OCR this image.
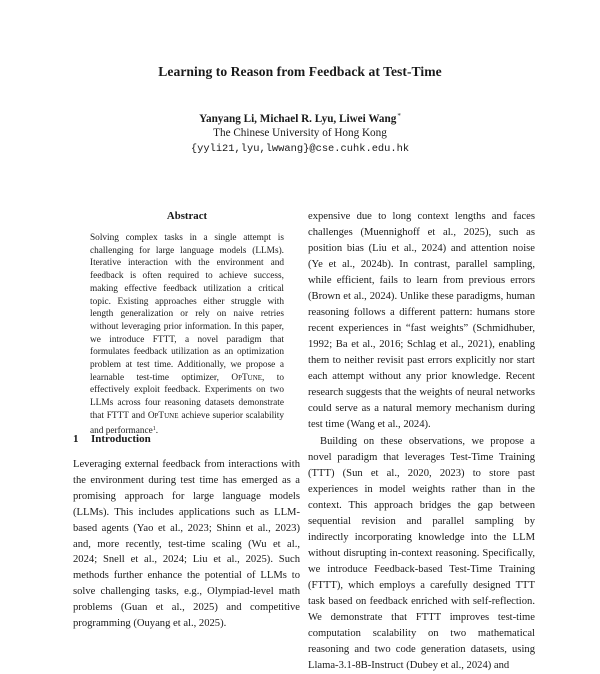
Learning to Reason from Feedback at Test-Time
Yanyang Li, Michael R. Lyu, Liwei Wang*
The Chinese University of Hong Kong
{yyli21,lyu,lwwang}@cse.cuhk.edu.hk
Abstract
Solving complex tasks in a single attempt is challenging for large language models (LLMs). Iterative interaction with the environment and feedback is often required to achieve success, making effective feedback utilization a critical topic. Existing approaches either struggle with length generalization or rely on naive retries without leveraging prior information. In this paper, we introduce FTTT, a novel paradigm that formulates feedback utilization as an optimization problem at test time. Additionally, we propose a learnable test-time optimizer, OpTune, to effectively exploit feedback. Experiments on two LLMs across four reasoning datasets demonstrate that FTTT and OpTune achieve superior scalability and performance$^1$.
1 Introduction

Leveraging external feedback from interactions with the environment during test time has emerged as a promising approach for large language models (LLMs). This includes applications such as LLM-based agents (Yao et al., 2023; Shinn et al., 2023) and, more recently, test-time scaling (Wu et al., 2024; Snell et al., 2024; Liu et al., 2025). Such methods further enhance the potential of LLMs to solve challenging tasks, e.g., Olympiad-level math problems (Guan et al., 2025) and competitive programming (Ouyang et al., 2025).

expensive due to long context lengths and faces challenges (Muennighoff et al., 2025), such as position bias (Liu et al., 2024) and attention noise (Ye et al., 2024b). In contrast, parallel sampling, while efficient, fails to learn from previous errors (Brown et al., 2024). Unlike these paradigms, human reasoning follows a different pattern: humans store recent experiences in “fast weights” (Schmidhuber, 1992; Ba et al., 2016; Schlag et al., 2021), enabling them to neither revisit past errors explicitly nor start each attempt without any prior knowledge. Recent research suggests that the weights of neural networks could serve as a natural memory mechanism during test time (Wang et al., 2024).

Building on these observations, we propose a novel paradigm that leverages Test-Time Training (TTT) (Sun et al., 2020, 2023) to store past experiences in model weights rather than in the context. This approach bridges the gap between sequential revision and parallel sampling by indirectly incorporating knowledge into the LLM without disrupting in-context reasoning. Specifically, we introduce Feedback-based Test-Time Training (FTTT), which employs a carefully designed TTT task based on feedback enriched with self-reflection. We demonstrate that FTTT improves test-time computation scalability on two mathematical reasoning and two code generation datasets, using Llama-3.1-8B-Instruct (Dubey et al., 2024) and
